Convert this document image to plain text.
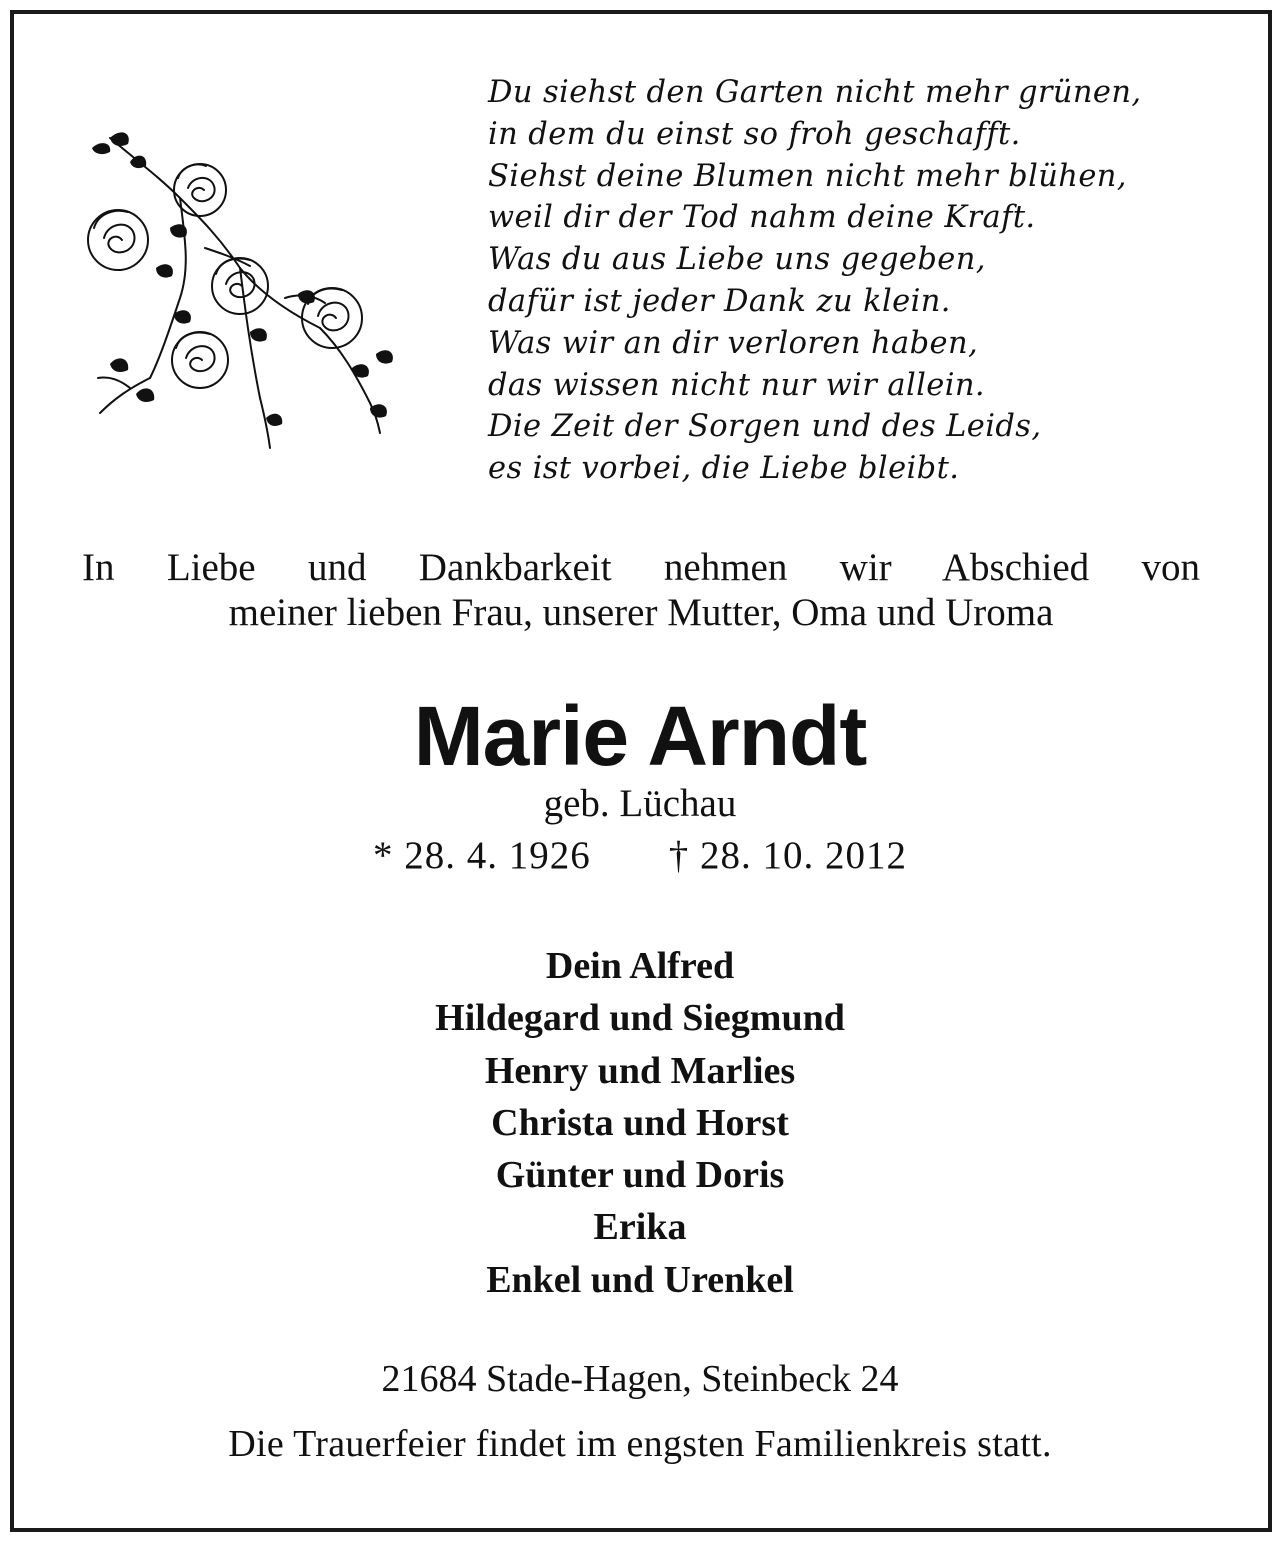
Du siehst den Garten nicht mehr grünen,
in dem du einst so froh geschafft.
Siehst deine Blumen nicht mehr blühen,
weil dir der Tod nahm deine Kraft.
Was du aus Liebe uns gegeben,
dafür ist jeder Dank zu klein.
Was wir an dir verloren haben,
das wissen nicht nur wir allein.
Die Zeit der Sorgen und des Leids,
es ist vorbei, die Liebe bleibt.
In Liebe und Dankbarkeit nehmen wir Abschied von
meiner lieben Frau, unserer Mutter, Oma und Uroma
Marie Arndt
geb. Lüchau
* 28. 4. 1926 † 28. 10. 2012
Dein Alfred
Hildegard und Siegmund
Henry und Marlies
Christa und Horst
Günter und Doris
Erika
Enkel und Urenkel
21684 Stade-Hagen, Steinbeck 24
Die Trauerfeier findet im engsten Familienkreis statt.
